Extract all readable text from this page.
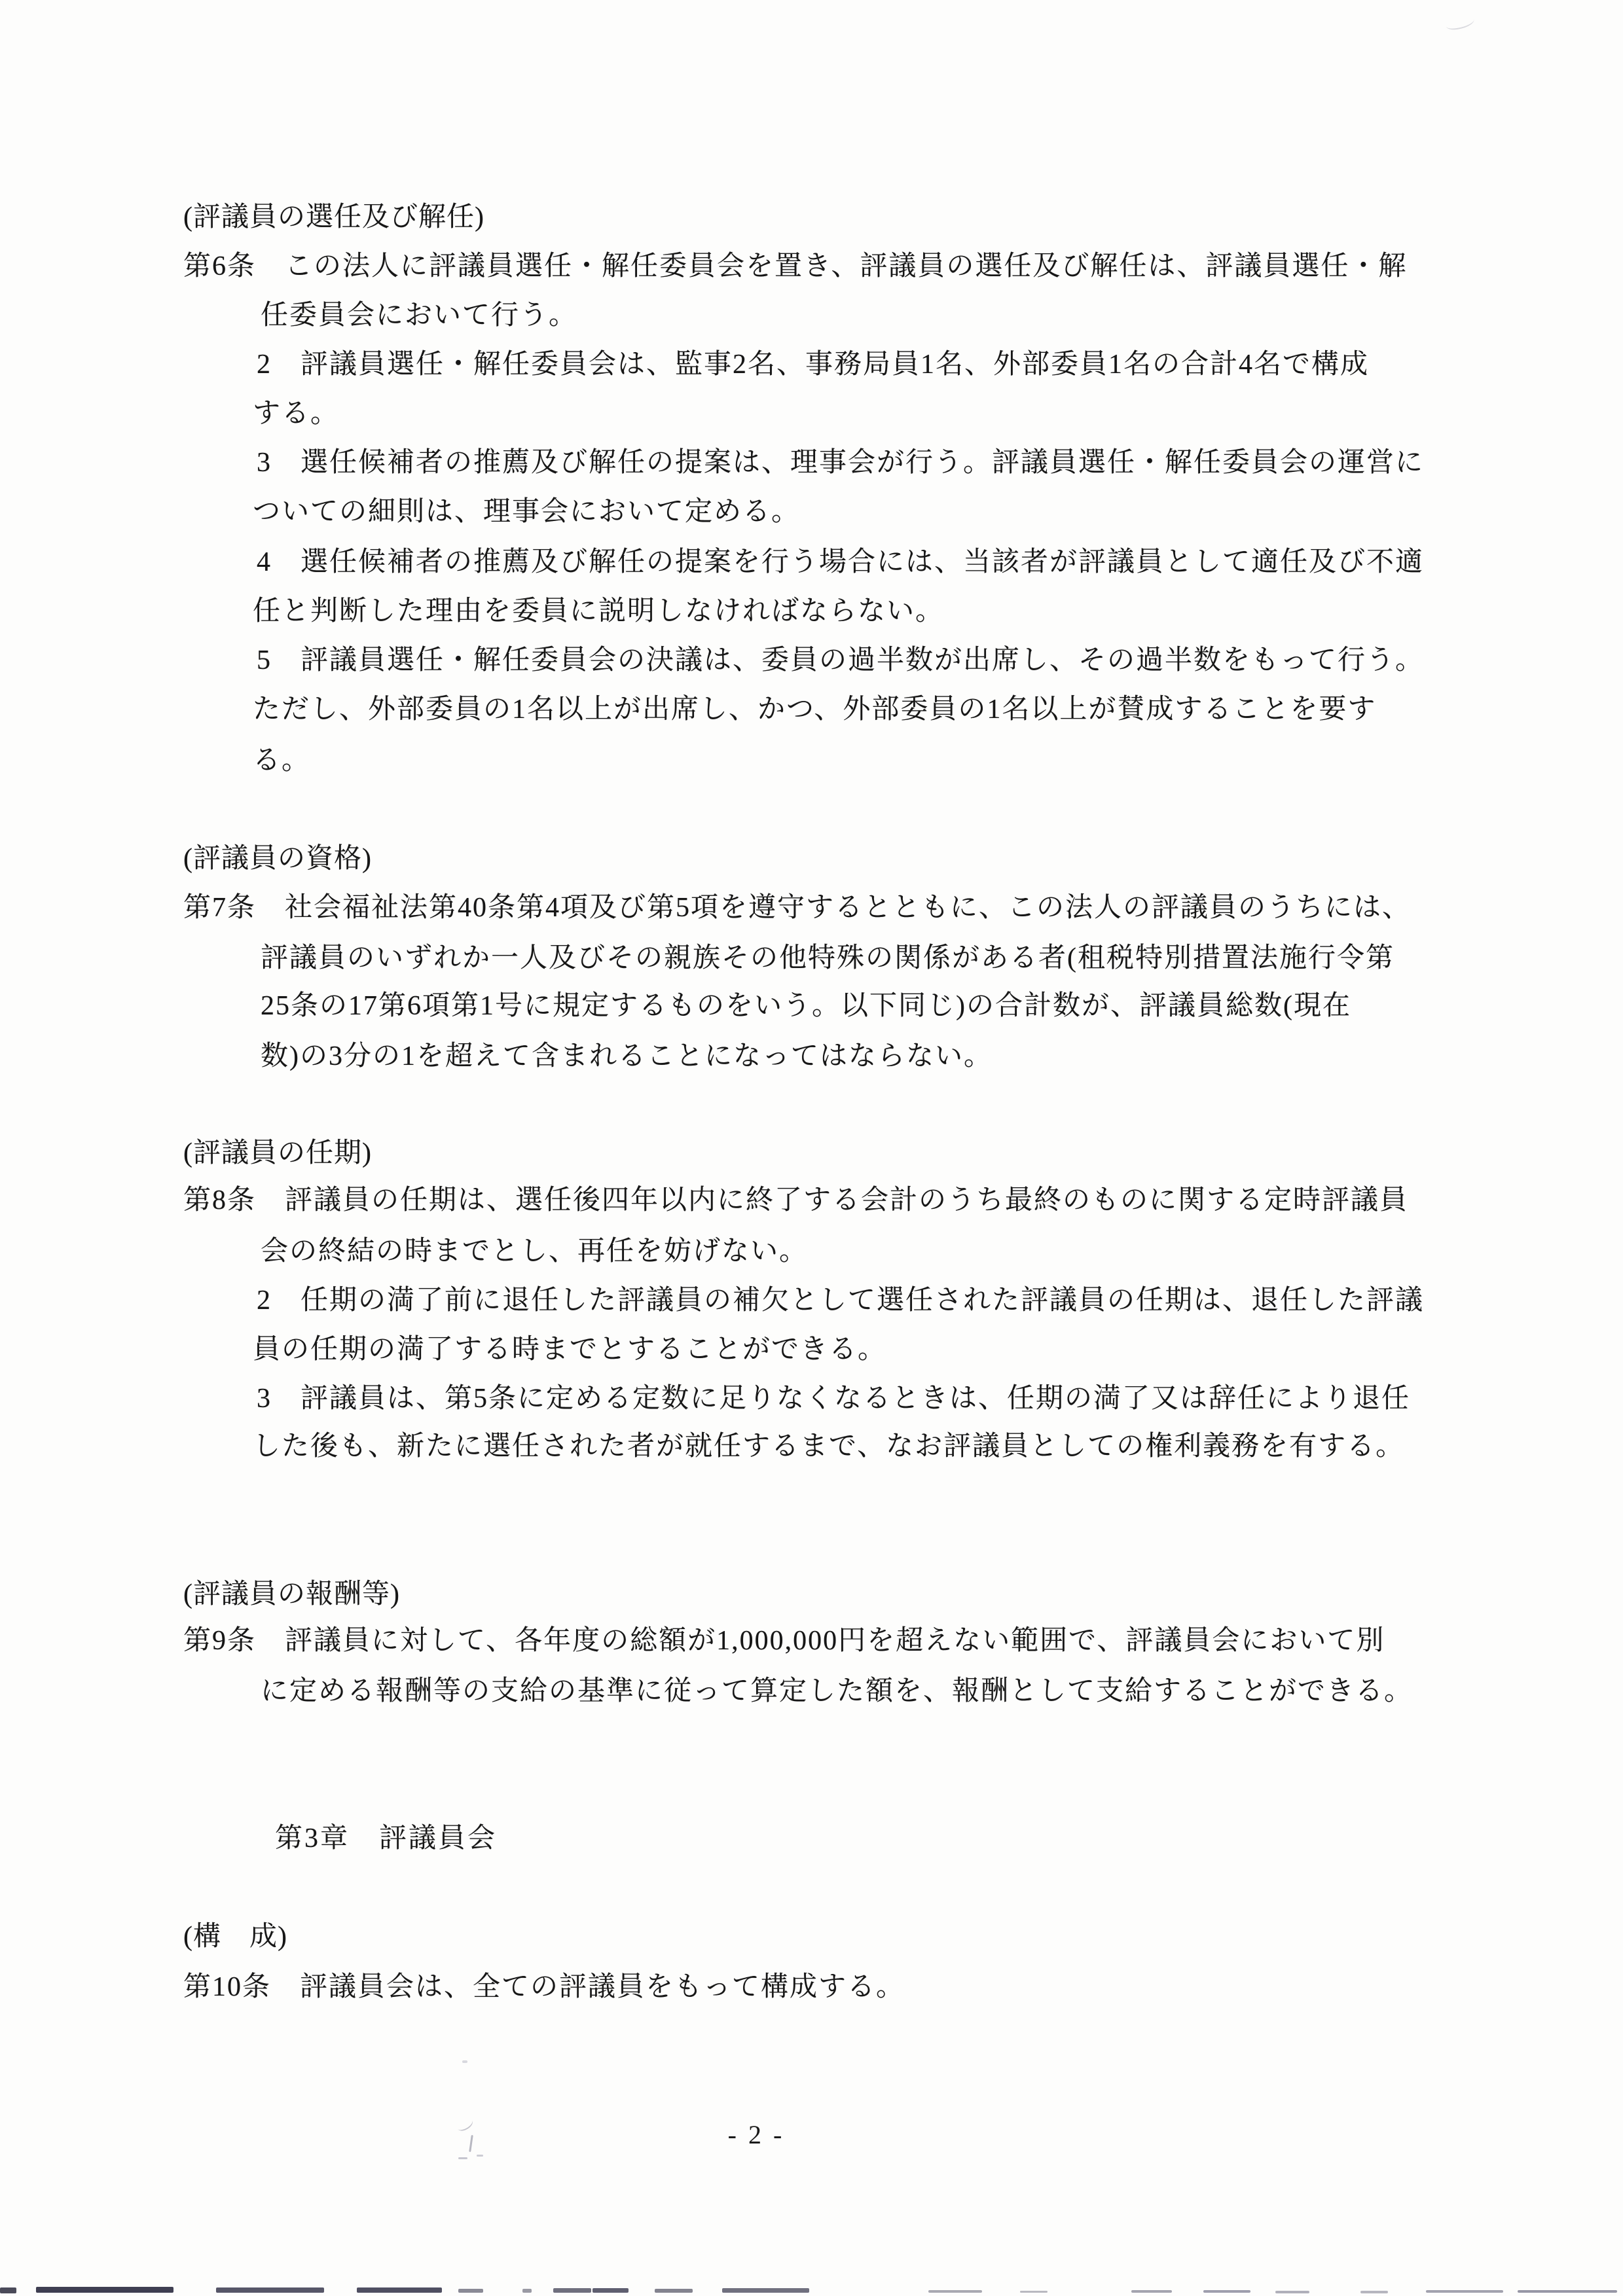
(評議員の選任及び解任)
第6条　この法人に評議員選任・解任委員会を置き、評議員の選任及び解任は、評議員選任・解
任委員会において行う。
2　評議員選任・解任委員会は、監事2名、事務局員1名、外部委員1名の合計4名で構成
する。
3　選任候補者の推薦及び解任の提案は、理事会が行う。評議員選任・解任委員会の運営に
ついての細則は、理事会において定める。
4　選任候補者の推薦及び解任の提案を行う場合には、当該者が評議員として適任及び不適
任と判断した理由を委員に説明しなければならない。
5　評議員選任・解任委員会の決議は、委員の過半数が出席し、その過半数をもって行う。
ただし、外部委員の1名以上が出席し、かつ、外部委員の1名以上が賛成することを要す
る。
(評議員の資格)
第7条　社会福祉法第40条第4項及び第5項を遵守するとともに、この法人の評議員のうちには、
評議員のいずれか一人及びその親族その他特殊の関係がある者(租税特別措置法施行令第
25条の17第6項第1号に規定するものをいう。以下同じ)の合計数が、評議員総数(現在
数)の3分の1を超えて含まれることになってはならない。
(評議員の任期)
第8条　評議員の任期は、選任後四年以内に終了する会計のうち最終のものに関する定時評議員
会の終結の時までとし、再任を妨げない。
2　任期の満了前に退任した評議員の補欠として選任された評議員の任期は、退任した評議
員の任期の満了する時までとすることができる。
3　評議員は、第5条に定める定数に足りなくなるときは、任期の満了又は辞任により退任
した後も、新たに選任された者が就任するまで、なお評議員としての権利義務を有する。
(評議員の報酬等)
第9条　評議員に対して、各年度の総額が1,000,000円を超えない範囲で、評議員会において別
に定める報酬等の支給の基準に従って算定した額を、報酬として支給することができる。
第3章　評議員会
(構　成)
第10条　評議員会は、全ての評議員をもって構成する。
- 2 -
